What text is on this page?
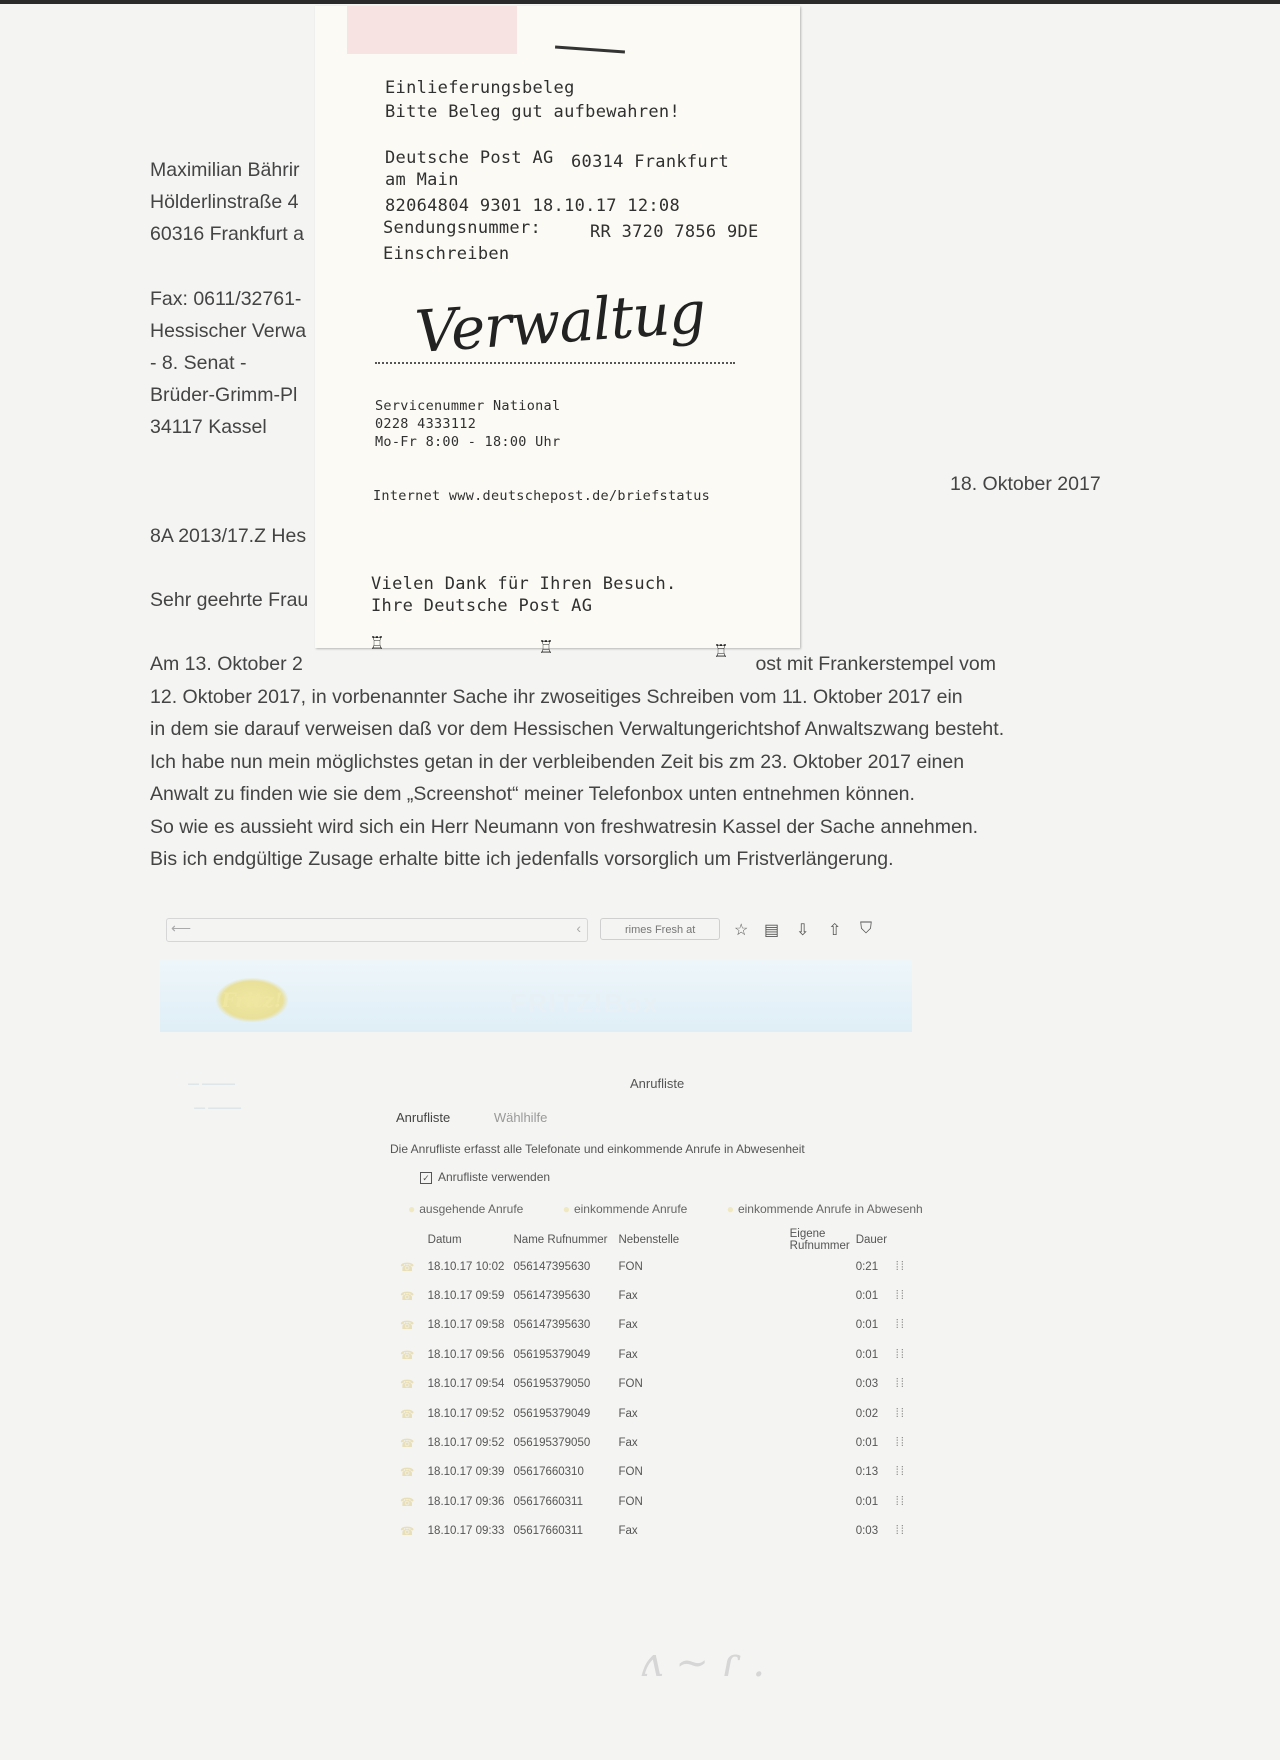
Maximilian Bährir
Hölderlinstraße 4
60316 Frankfurt a
Fax: 0611/32761-
Hessischer Verwa
- 8. Senat -
Brüder-Grimm-Pl
34117 Kassel
18. Oktober 2017
8A 2013/17.Z Hes
Sehr geehrte Frau
Am 13. Oktober 2	ost mit Frankerstempel vom
12. Oktober 2017, in vorbenannter Sache ihr zwoseitiges Schreiben vom 11. Oktober 2017 ein
in dem sie darauf verweisen daß vor dem Hessischen Verwaltungerichtshof Anwaltszwang besteht.
Ich habe nun mein möglichstes getan in der verbleibenden Zeit bis zm 23. Oktober 2017 einen
Anwalt zu finden wie sie dem „Screenshot“ meiner Telefonbox unten entnehmen können.
So wie es aussieht wird sich ein Herr Neumann von freshwatresin Kassel der Sache annehmen.
Bis ich endgültige Zusage erhalte bitte ich jedenfalls vorsorglich um Fristverlängerung.
Einlieferungsbeleg
Bitte Beleg gut aufbewahren!
Deutsche Post AG 60314 Frankfurt
am Main
82064804 9301 18.10.17 12:08
Sendungsnummer:	RR 3720 7856 9DE
Einschreiben
Verwaltug
Servicenummer National
0228 4333112
Mo-Fr 8:00 - 18:00 Uhr
Internet www.deutschepost.de/briefstatus
Vielen Dank für Ihren Besuch.
Ihre Deutsche Post AG
♖	♖	♖
⟵	‹	rimes Fresh at	☆ ▤ ⇩ ⇧ ⛉
Fritz!	FRITZ!Box
— ———
— ———
Anrufliste
Anrufliste	Wählhilfe
Die Anrufliste erfasst alle Telefonate und einkommende Anrufe in Abwesenheit
✓ Anrufliste verwenden
● ausgehende Anrufe	● einkommende Anrufe	● einkommende Anrufe in Abwesenh
	Datum	Name Rufnummer	Nebenstelle	Eigene Rufnummer	Dauer	
☎	18.10.17 10:02	056147395630	FON		0:21	⁞⁞
☎	18.10.17 09:59	056147395630	Fax		0:01	⁞⁞
☎	18.10.17 09:58	056147395630	Fax		0:01	⁞⁞
☎	18.10.17 09:56	056195379049	Fax		0:01	⁞⁞
☎	18.10.17 09:54	056195379050	FON		0:03	⁞⁞
☎	18.10.17 09:52	056195379049	Fax		0:02	⁞⁞
☎	18.10.17 09:52	056195379050	Fax		0:01	⁞⁞
☎	18.10.17 09:39	05617660310	FON		0:13	⁞⁞
☎	18.10.17 09:36	05617660311	FON		0:01	⁞⁞
☎	18.10.17 09:33	05617660311	Fax		0:03	⁞⁞
ʌ ~ ɾ .
